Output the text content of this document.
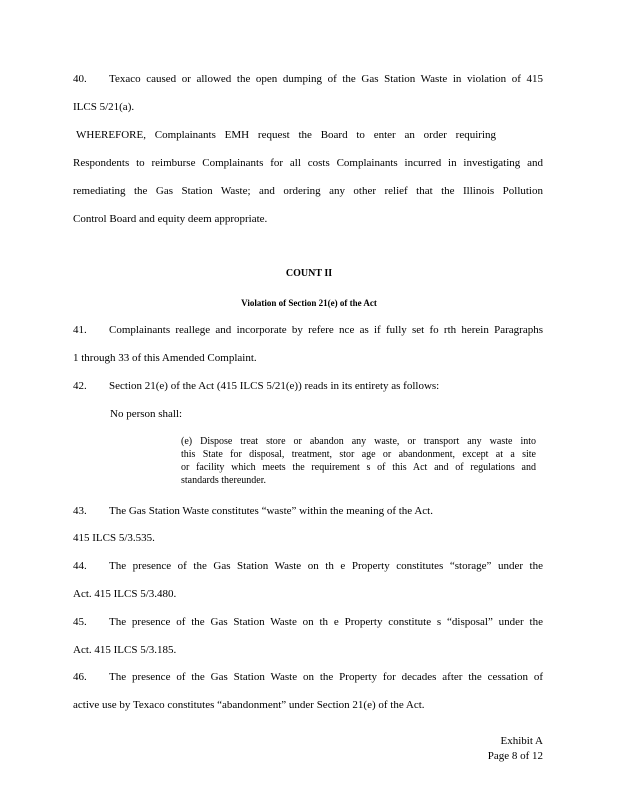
40. Texaco caused or allowed the open dumping of the Gas Station Waste in violation of 415
ILCS 5/21(a).
WHEREFORE, Complainants EMH request the Board to enter an order requiring
Respondents to reimburse Complainants for all costs Complainants incurred in investigating and
remediating the Gas Station Waste; and ordering any other relief that the Illinois Pollution
Control Board and equity deem appropriate.
COUNT II
Violation of Section 21(e) of the Act
41. Complainants reallege and incorporate by refere nce as if fully set fo rth herein Paragraphs
1 through 33 of this Amended Complaint.
42. Section 21(e) of the Act (415 ILCS 5/21(e)) reads in its entirety as follows:
No person shall:
(e) Dispose treat store or abandon any waste, or transport any waste into
this State for disposal, treatment, stor age or abandonment, except at a site
or facility which meets the requirement s of this Act and of regulations and
standards thereunder.
43. The Gas Station Waste constitutes “waste” within the meaning of the Act.
415 ILCS 5/3.535.
44. The presence of the Gas Station Waste on th e Property constitutes “storage” under the
Act. 415 ILCS 5/3.480.
45. The presence of the Gas Station Waste on th e Property constitute s “disposal” under the
Act. 415 ILCS 5/3.185.
46. The presence of the Gas Station Waste on the Property for decades after the cessation of
active use by Texaco constitutes “abandonment” under Section 21(e) of the Act.
Exhibit A
Page 8 of 12
